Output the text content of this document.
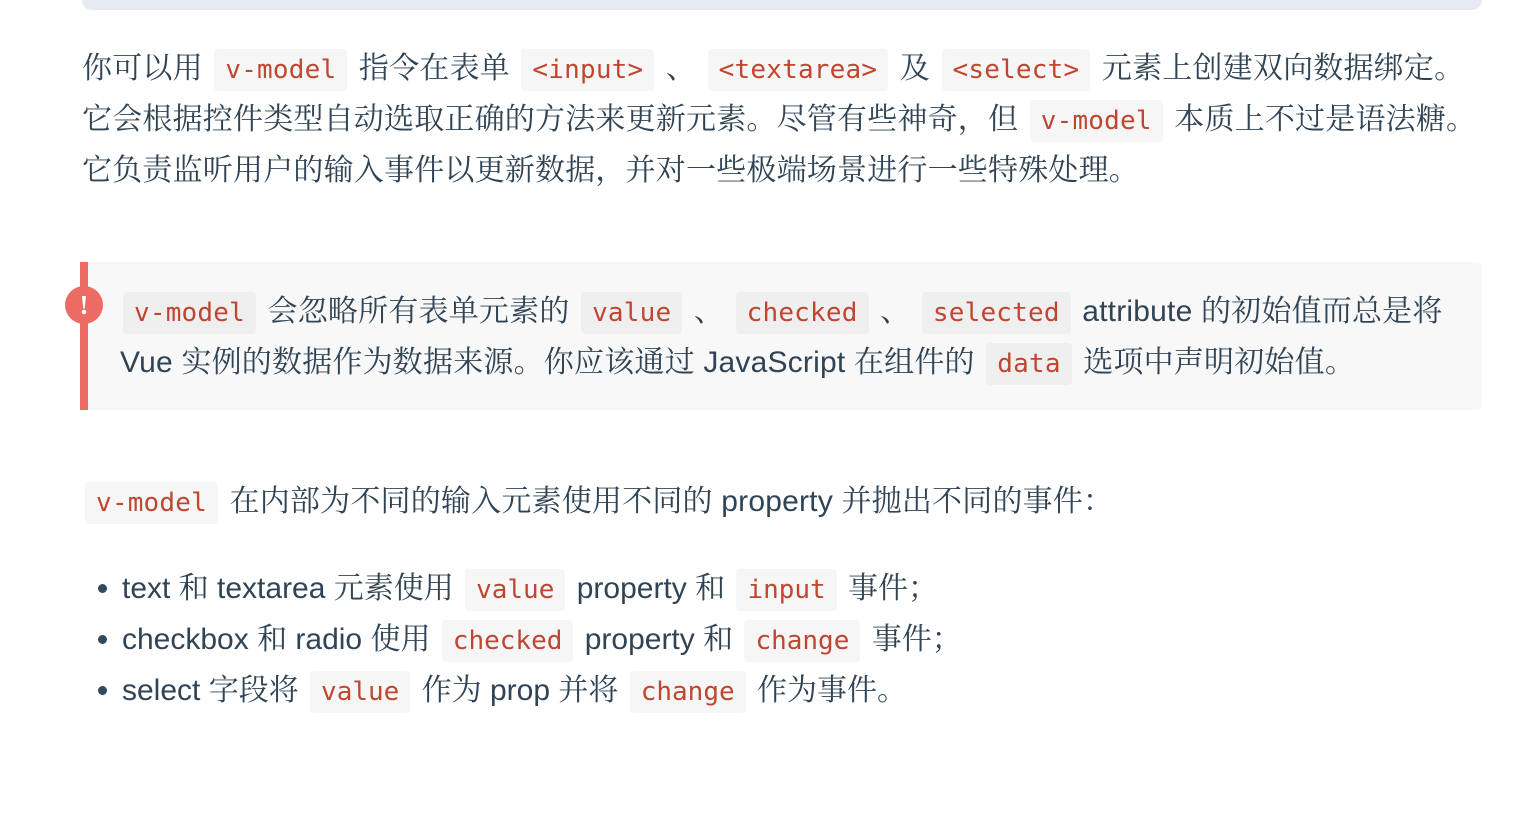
你可以用 v-model 指令在表单 <input> 、 <textarea> 及 <select> 元素上创建双向数据绑定。它会根据控件类型自动选取正确的方法来更新元素。尽管有些神奇，但 v-model 本质上不过是语法糖。它负责监听用户的输入事件以更新数据，并对一些极端场景进行一些特殊处理。

!	v-model 会忽略所有表单元素的 value 、 checked 、 selected attribute 的初始值而总是将 Vue 实例的数据作为数据来源。你应该通过 JavaScript 在组件的 data 选项中声明初始值。

v-model 在内部为不同的输入元素使用不同的 property 并抛出不同的事件：

text 和 textarea 元素使用 value property 和 input 事件；
checkbox 和 radio 使用 checked property 和 change 事件；
select 字段将 value 作为 prop 并将 change 作为事件。
